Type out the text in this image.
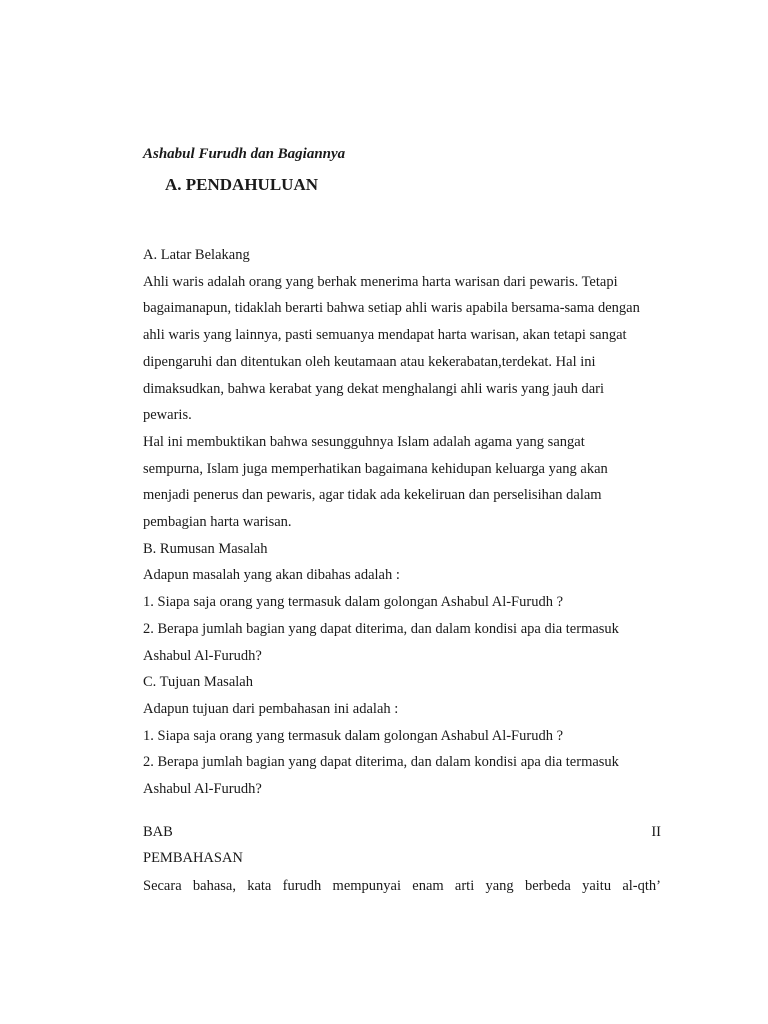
Ashabul Furudh dan Bagiannya

A. PENDAHULUAN

A. Latar Belakang
Ahli waris adalah orang yang berhak menerima harta warisan dari pewaris. Tetapi
bagaimanapun, tidaklah berarti bahwa setiap ahli waris apabila bersama-sama dengan
ahli waris yang lainnya, pasti semuanya mendapat harta warisan, akan tetapi sangat
dipengaruhi dan ditentukan oleh keutamaan atau kekerabatan,terdekat. Hal ini
dimaksudkan, bahwa kerabat yang dekat menghalangi ahli waris yang jauh dari
pewaris.
Hal ini membuktikan bahwa sesungguhnya Islam adalah agama yang sangat
sempurna, Islam juga memperhatikan bagaimana kehidupan keluarga yang akan
menjadi penerus dan pewaris, agar tidak ada kekeliruan dan perselisihan dalam
pembagian harta warisan.
B. Rumusan Masalah
Adapun masalah yang akan dibahas adalah :
1. Siapa saja orang yang termasuk dalam golongan Ashabul Al-Furudh ?
2. Berapa jumlah bagian yang dapat diterima, dan dalam kondisi apa dia termasuk
Ashabul Al-Furudh?
C. Tujuan Masalah
Adapun tujuan dari pembahasan ini adalah :
1. Siapa saja orang yang termasuk dalam golongan Ashabul Al-Furudh ?
2. Berapa jumlah bagian yang dapat diterima, dan dalam kondisi apa dia termasuk
Ashabul Al-Furudh?
BAB	II
PEMBAHASAN
Secara bahasa, kata furudh mempunyai enam arti yang berbeda yaitu al-qth’
